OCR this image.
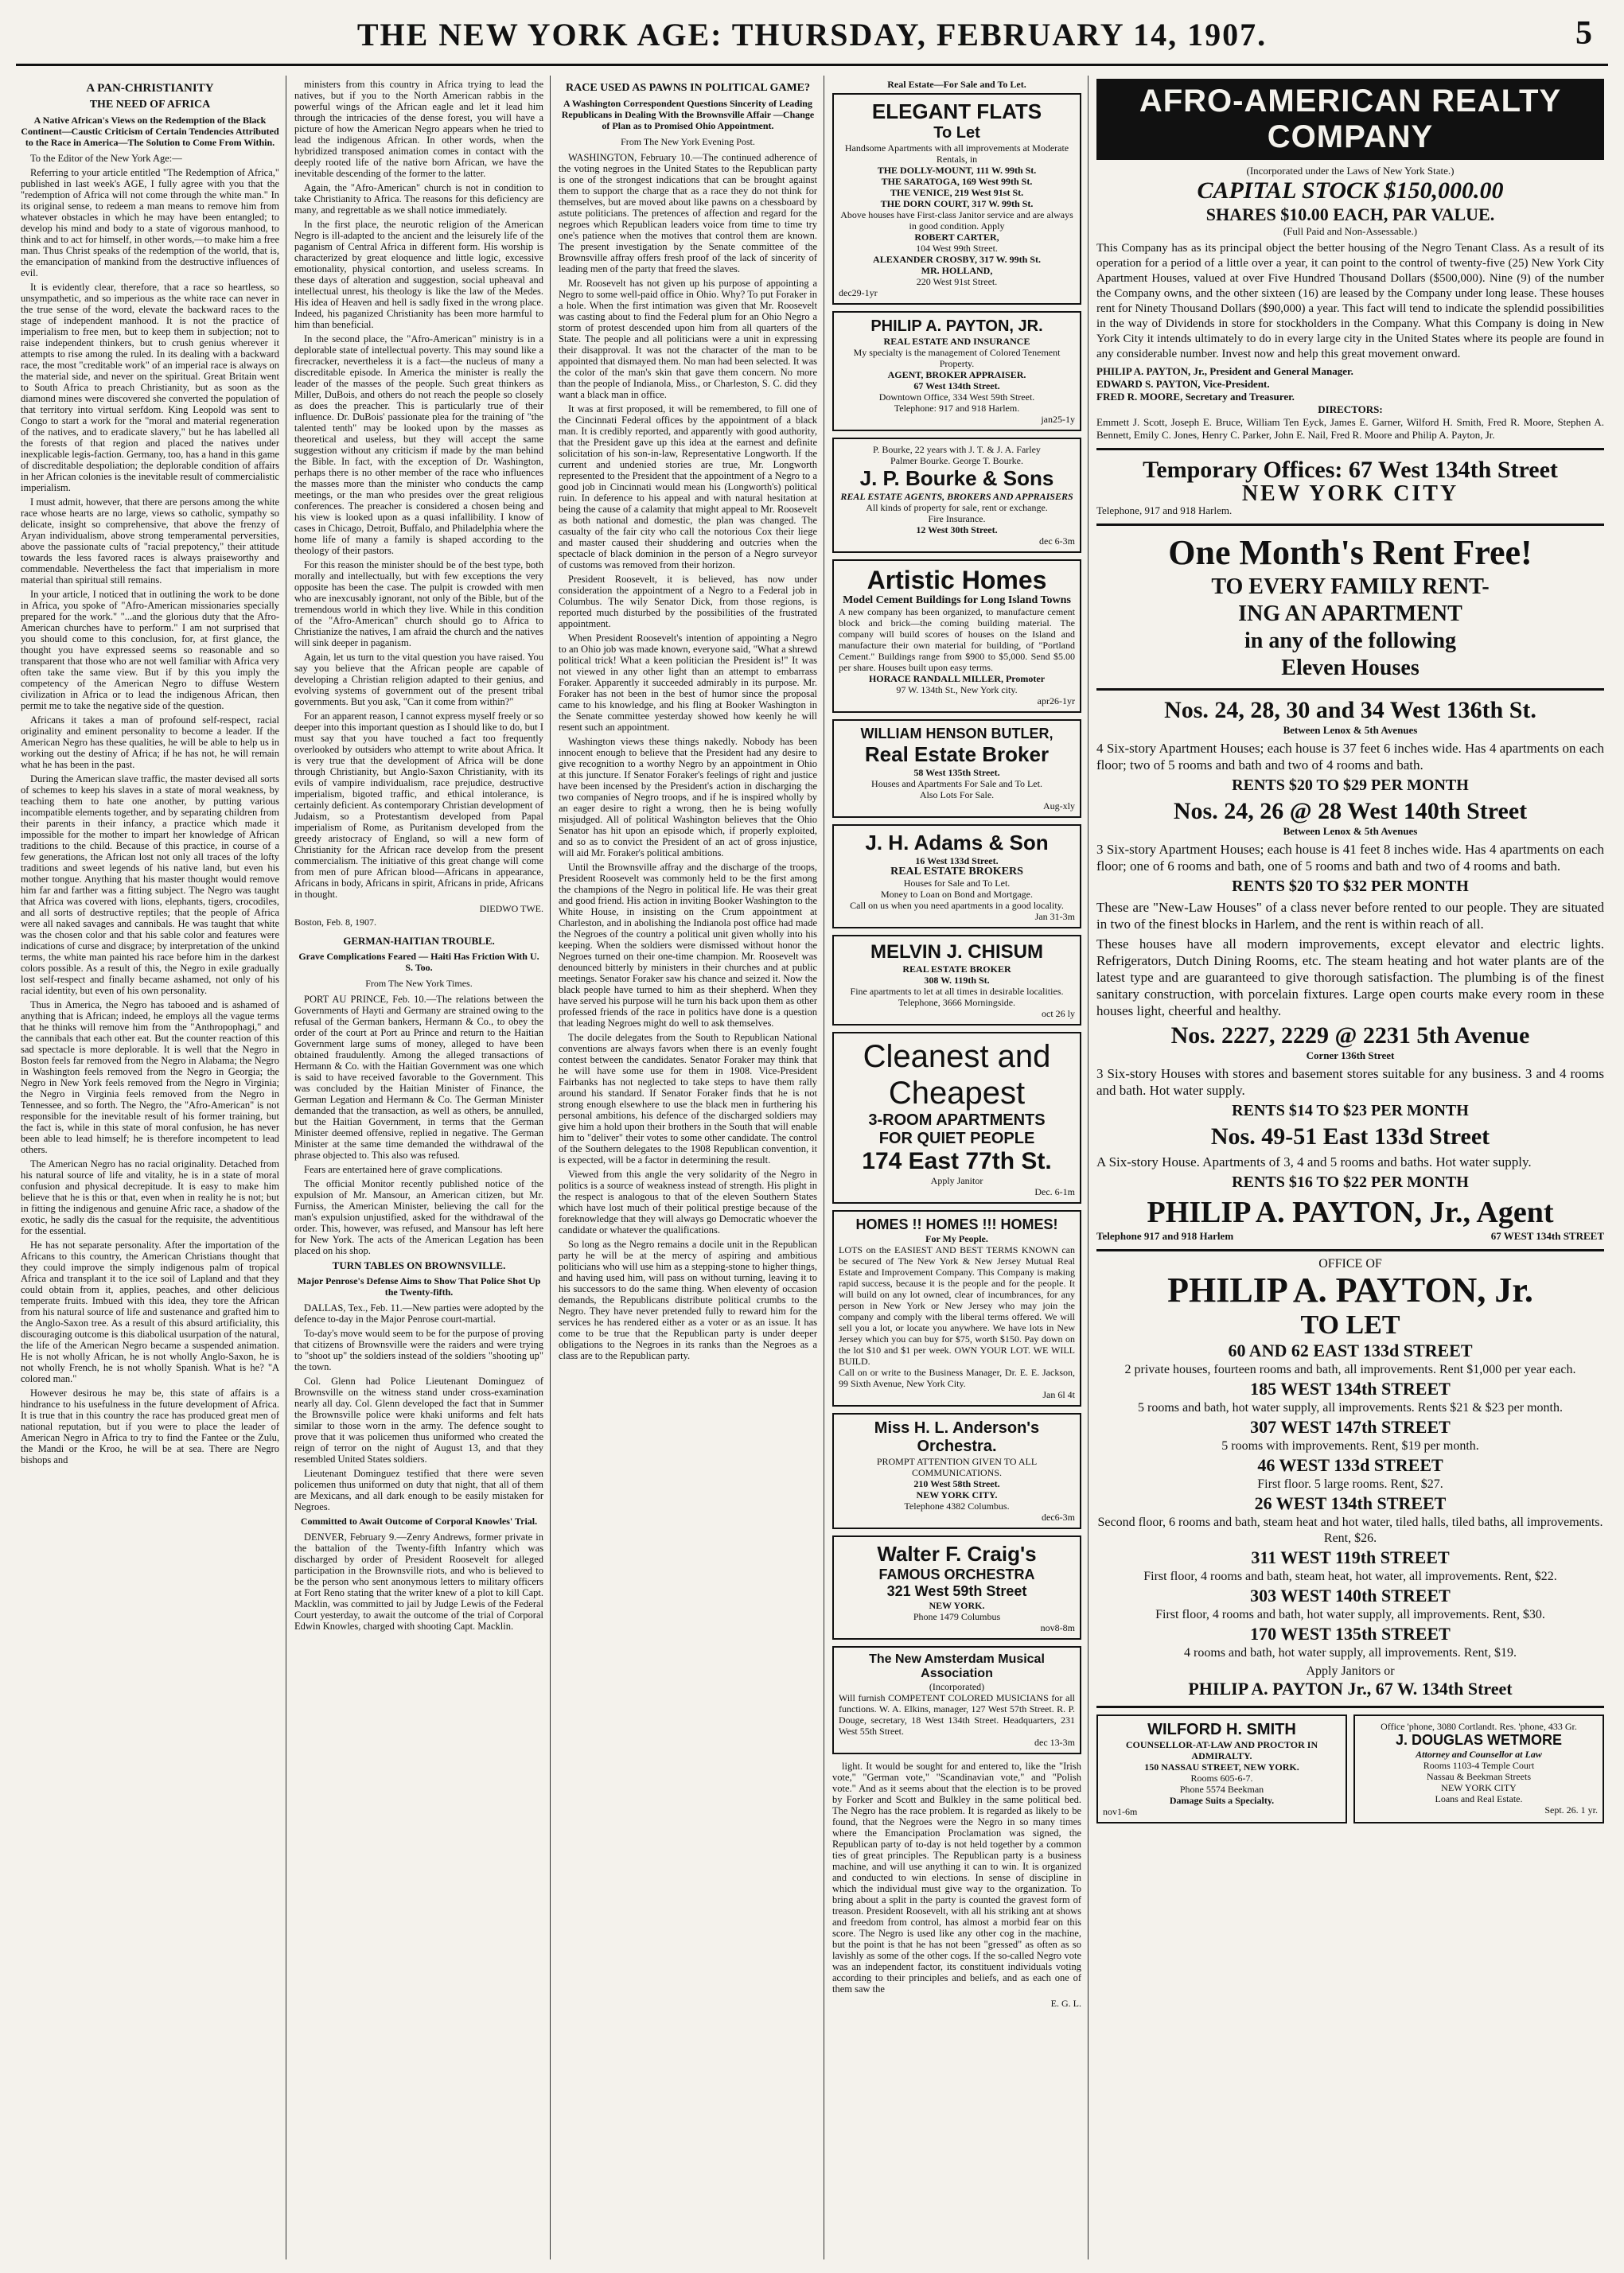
THE NEW YORK AGE: THURSDAY, FEBRUARY 14, 1907.	5
A PAN-CHRISTIANITY
THE NEED OF AFRICA
A Native African's Views on the Redemption of the Black Continent—Caustic Criticism of Certain Tendencies Attributed to the Race in America—The Solution to Come From Within.

To the Editor of the New York Age:—

Referring to your article entitled "The Redemption of Africa," published in last week's AGE, I fully agree with you that the "redemption of Africa will not come through the white man." In its original sense, to redeem a man means to remove him from whatever obstacles in which he may have been entangled; to develop his mind and body to a state of vigorous manhood, to think and to act for himself, in other words,—to make him a free man. Thus Christ speaks of the redemption of the world, that is, the emancipation of mankind from the destructive influences of evil.

It is evidently clear, therefore, that a race so heartless, so unsympathetic, and so imperious as the white race can never in the true sense of the word, elevate the backward races to the stage of independent manhood. It is not the practice of imperialism to free men, but to keep them in subjection; not to raise independent thinkers, but to crush genius wherever it attempts to rise among the ruled. In its dealing with a backward race, the most "creditable work" of an imperial race is always on the material side, and never on the spiritual. Great Britain went to South Africa to preach Christianity, but as soon as the diamond mines were discovered she converted the population of that territory into virtual serfdom. King Leopold was sent to Congo to start a work for the "moral and material regeneration of the natives, and to eradicate slavery," but he has labelled all the forests of that region and placed the natives under inexplicable legis-faction. Germany, too, has a hand in this game of discreditable despoliation; the deplorable condition of affairs in her African colonies is the inevitable result of commercialistic imperialism.

I must admit, however, that there are persons among the white race whose hearts are no large, views so catholic, sympathy so delicate, insight so comprehensive, that above the frenzy of Aryan individualism, above strong temperamental perversities, above the passionate cults of "racial prepotency," their attitude towards the less favored races is always praiseworthy and commendable. Nevertheless the fact that imperialism in more material than spiritual still remains.

In your article, I noticed that in outlining the work to be done in Africa, you spoke of "Afro-American missionaries specially prepared for the work." "...and the glorious duty that the Afro-American churches have to perform." I am not surprised that you should come to this conclusion, for, at first glance, the thought you have expressed seems so reasonable and so transparent that those who are not well familiar with Africa very often take the same view. But if by this you imply the competency of the American Negro to diffuse Western civilization in Africa or to lead the indigenous African, then permit me to take the negative side of the question.

Africans it takes a man of profound self-respect, racial originality and eminent personality to become a leader. If the American Negro has these qualities, he will be able to help us in working out the destiny of Africa; if he has not, he will remain what he has been in the past.

During the American slave traffic, the master devised all sorts of schemes to keep his slaves in a state of moral weakness, by teaching them to hate one another, by putting various incompatible elements together, and by separating children from their parents in their infancy, a practice which made it impossible for the mother to impart her knowledge of African traditions to the child. Because of this practice, in course of a few generations, the African lost not only all traces of the lofty traditions and sweet legends of his native land, but even his mother tongue. Anything that his master thought would remove him far and farther was a fitting subject. The Negro was taught that Africa was covered with lions, elephants, tigers, crocodiles, and all sorts of destructive reptiles; that the people of Africa were all naked savages and cannibals. He was taught that white was the chosen color and that his sable color and features were indications of curse and disgrace; by interpretation of the unkind terms, the white man painted his race before him in the darkest colors possible. As a result of this, the Negro in exile gradually lost self-respect and finally became ashamed, not only of his racial identity, but even of his own personality.

Thus in America, the Negro has tabooed and is ashamed of anything that is African; indeed, he employs all the vague terms that he thinks will remove him from the "Anthropophagi," and the cannibals that each other eat. But the counter reaction of this sad spectacle is more deplorable. It is well that the Negro in Boston feels far removed from the Negro in Alabama; the Negro in Washington feels removed from the Negro in Georgia; the Negro in New York feels removed from the Negro in Virginia; the Negro in Virginia feels removed from the Negro in Tennessee, and so forth. The Negro, the "Afro-American" is not responsible for the inevitable result of his former training, but the fact is, while in this state of moral confusion, he has never been able to lead himself; he is therefore incompetent to lead others.

The American Negro has no racial originality. Detached from his natural source of life and vitality, he is in a state of moral confusion and physical decrepitude. It is easy to make him believe that he is this or that, even when in reality he is not; but in fitting the indigenous and genuine Afric race, a shadow of the exotic, he sadly dis the casual for the requisite, the adventitious for the essential.

He has not separate personality. After the importation of the Africans to this country, the American Christians thought that they could improve the simply indigenous palm of tropical Africa and transplant it to the ice soil of Lapland and that they could obtain from it, applies, peaches, and other delicious temperate fruits. Imbued with this idea, they tore the African from his natural source of life and sustenance and grafted him to the Anglo-Saxon tree. As a result of this absurd artificiality, this discouraging outcome is this diabolical usurpation of the natural, the life of the American Negro became a suspended animation. He is not wholly African, he is not wholly Anglo-Saxon, he is not wholly French, he is not wholly Spanish. What is he? "A colored man."

However desirous he may be, this state of affairs is a hindrance to his usefulness in the future development of Africa. It is true that in this country the race has produced great men of national reputation, but if you were to place the leader of American Negro in Africa to try to find the Fantee or the Zulu, the Mandi or the Kroo, he will be at sea. There are Negro bishops and

ministers from this country in Africa trying to lead the natives, but if you to the North American rabbis in the powerful wings of the African eagle and let it lead him through the intricacies of the dense forest, you will have a picture of how the American Negro appears when he tried to lead the indigenous African. In other words, when the hybridized transposed animation comes in contact with the deeply rooted life of the native born African, we have the inevitable descending of the former to the latter.

Again, the "Afro-American" church is not in condition to take Christianity to Africa. The reasons for this deficiency are many, and regrettable as we shall notice immediately.

In the first place, the neurotic religion of the American Negro is ill-adapted to the ancient and the leisurely life of the paganism of Central Africa in different form. His worship is characterized by great eloquence and little logic, excessive emotionality, physical contortion, and useless screams. In these days of alteration and suggestion, social upheaval and intellectual unrest, his theology is like the law of the Medes. His idea of Heaven and hell is sadly fixed in the wrong place. Indeed, his paganized Christianity has been more harmful to him than beneficial.

In the second place, the "Afro-American" ministry is in a deplorable state of intellectual poverty. This may sound like a firecracker, nevertheless it is a fact—the nucleus of many a discreditable episode. In America the minister is really the leader of the masses of the people. Such great thinkers as Miller, DuBois, and others do not reach the people so closely as does the preacher. This is particularly true of their influence. Dr. DuBois' passionate plea for the training of "the talented tenth" may be looked upon by the masses as theoretical and useless, but they will accept the same suggestion without any criticism if made by the man behind the Bible. In fact, with the exception of Dr. Washington, perhaps there is no other member of the race who influences the masses more than the minister who conducts the camp meetings, or the man who presides over the great religious conferences. The preacher is considered a chosen being and his view is looked upon as a quasi infallibility. I know of cases in Chicago, Detroit, Buffalo, and Philadelphia where the home life of many a family is shaped according to the theology of their pastors.

For this reason the minister should be of the best type, both morally and intellectually, but with few exceptions the very opposite has been the case. The pulpit is crowded with men who are inexcusably ignorant, not only of the Bible, but of the tremendous world in which they live. While in this condition of the "Afro-American" church should go to Africa to Christianize the natives, I am afraid the church and the natives will sink deeper in paganism.

Again, let us turn to the vital question you have raised. You say you believe that the African people are capable of developing a Christian religion adapted to their genius, and evolving systems of government out of the present tribal governments. But you ask, "Can it come from within?"

For an apparent reason, I cannot express myself freely or so deeper into this important question as I should like to do, but I must say that you have touched a fact too frequently overlooked by outsiders who attempt to write about Africa. It is very true that the development of Africa will be done through Christianity, but Anglo-Saxon Christianity, with its evils of vampire individualism, race prejudice, destructive imperialism, bigoted traffic, and ethical intolerance, is certainly deficient. As contemporary Christian development of Judaism, so a Protestantism developed from Papal imperialism of Rome, as Puritanism developed from the greedy aristocracy of England, so will a new form of Christianity for the African race develop from the present commercialism. The initiative of this great change will come from men of pure African blood—Africans in appearance, Africans in body, Africans in spirit, Africans in pride, Africans in thought.

DIEDWO TWE.
Boston, Feb. 8, 1907.
GERMAN-HAITIAN TROUBLE.
Grave Complications Feared — Haiti Has Friction With U. S. Too.
From The New York Times.

PORT AU PRINCE, Feb. 10.—The relations between the Governments of Hayti and Germany are strained owing to the refusal of the German bankers, Hermann & Co., to obey the order of the court at Port au Prince and return to the Haitian Government large sums of money, alleged to have been obtained fraudulently. Among the alleged transactions of Hermann & Co. with the Haitian Government was one which is said to have received favorable to the Government. This was concluded by the Haitian Minister of Finance, the German Legation and Hermann & Co. The German Minister demanded that the transaction, as well as others, be annulled, but the Haitian Government, in terms that the German Minister deemed offensive, replied in negative. The German Minister at the same time demanded the withdrawal of the phrase objected to. This also was refused.

Fears are entertained here of grave complications.

The official Monitor recently published notice of the expulsion of Mr. Mansour, an American citizen, but Mr. Furniss, the American Minister, believing the call for the man's expulsion unjustified, asked for the withdrawal of the order. This, however, was refused, and Mansour has left here for New York. The acts of the American Legation has been placed on his shop.

TURN TABLES ON BROWNSVILLE.
Major Penrose's Defense Aims to Show That Police Shot Up the Twenty-fifth.

DALLAS, Tex., Feb. 11.—New parties were adopted by the defence to-day in the Major Penrose court-martial.

To-day's move would seem to be for the purpose of proving that citizens of Brownsville were the raiders and were trying to "shoot up" the soldiers instead of the soldiers "shooting up" the town.

Col. Glenn had Police Lieutenant Dominguez of Brownsville on the witness stand under cross-examination nearly all day. Col. Glenn developed the fact that in Summer the Brownsville police were khaki uniforms and felt hats similar to those worn in the army. The defence sought to prove that it was policemen thus uniformed who created the reign of terror on the night of August 13, and that they resembled United States soldiers.

Lieutenant Dominguez testified that there were seven policemen thus uniformed on duty that night, that all of them are Mexicans, and all dark enough to be easily mistaken for Negroes.

Committed to Await Outcome of Corporal Knowles' Trial.

DENVER, February 9.—Zenry Andrews, former private in the battalion of the Twenty-fifth Infantry which was discharged by order of President Roosevelt for alleged participation in the Brownsville riots, and who is believed to be the person who sent anonymous letters to military officers at Fort Reno stating that the writer knew of a plot to kill Capt. Macklin, was committed to jail by Judge Lewis of the Federal Court yesterday, to await the outcome of the trial of Corporal Edwin Knowles, charged with shooting Capt. Macklin.

RACE USED AS PAWNS IN POLITICAL GAME?
A Washington Correspondent Questions Sincerity of Leading Republicans in Dealing With the Brownsville Affair —Change of Plan as to Promised Ohio Appointment.
From The New York Evening Post.

WASHINGTON, February 10.—The continued adherence of the voting negroes in the United States to the Republican party is one of the strongest indications that can be brought against them to support the charge that as a race they do not think for themselves, but are moved about like pawns on a chessboard by astute politicians. The pretences of affection and regard for the negroes which Republican leaders voice from time to time try one's patience when the motives that control them are known. The present investigation by the Senate committee of the Brownsville affray offers fresh proof of the lack of sincerity of leading men of the party that freed the slaves.

Mr. Roosevelt has not given up his purpose of appointing a Negro to some well-paid office in Ohio. Why? To put Foraker in a hole. When the first intimation was given that Mr. Roosevelt was casting about to find the Federal plum for an Ohio Negro a storm of protest descended upon him from all quarters of the State. The people and all politicians were a unit in expressing their disapproval. It was not the character of the man to be appointed that dismayed them. No man had been selected. It was the color of the man's skin that gave them concern. No more than the people of Indianola, Miss., or Charleston, S. C. did they want a black man in office.

It was at first proposed, it will be remembered, to fill one of the Cincinnati Federal offices by the appointment of a black man. It is credibly reported, and apparently with good authority, that the President gave up this idea at the earnest and definite solicitation of his son-in-law, Representative Longworth. If the current and undenied stories are true, Mr. Longworth represented to the President that the appointment of a Negro to a good job in Cincinnati would mean his (Longworth's) political ruin. In deference to his appeal and with natural hesitation at being the cause of a calamity that might appeal to Mr. Roosevelt as both national and domestic, the plan was changed. The casualty of the fair city who call the notorious Cox their liege and master caused their shuddering and outcries when the spectacle of black dominion in the person of a Negro surveyor of customs was removed from their horizon.

President Roosevelt, it is believed, has now under consideration the appointment of a Negro to a Federal job in Columbus. The wily Senator Dick, from those regions, is reported much disturbed by the possibilities of the frustrated appointment.

When President Roosevelt's intention of appointing a Negro to an Ohio job was made known, everyone said, "What a shrewd political trick! What a keen politician the President is!" It was not viewed in any other light than an attempt to embarrass Foraker. Apparently it succeeded admirably in its purpose. Mr. Foraker has not been in the best of humor since the proposal came to his knowledge, and his fling at Booker Washington in the Senate committee yesterday showed how keenly he will resent such an appointment.

Washington views these things nakedly. Nobody has been innocent enough to believe that the President had any desire to give recognition to a worthy Negro by an appointment in Ohio at this juncture. If Senator Foraker's feelings of right and justice have been incensed by the President's action in discharging the two companies of Negro troops, and if he is inspired wholly by an eager desire to right a wrong, then he is being wofully misjudged. All of political Washington believes that the Ohio Senator has hit upon an episode which, if properly exploited, and so as to convict the President of an act of gross injustice, will aid Mr. Foraker's political ambitions.

Until the Brownsville affray and the discharge of the troops, President Roosevelt was commonly held to be the first among the champions of the Negro in political life. He was their great and good friend. His action in inviting Booker Washington to the White House, in insisting on the Crum appointment at Charleston, and in abolishing the Indianola post office had made the Negroes of the country a political unit given wholly into his keeping. When the soldiers were dismissed without honor the Negroes turned on their one-time champion. Mr. Roosevelt was denounced bitterly by ministers in their churches and at public meetings. Senator Foraker saw his chance and seized it. Now the black people have turned to him as their shepherd. When they have served his purpose will he turn his back upon them as other professed friends of the race in politics have done is a question that leading Negroes might do well to ask themselves.

The docile delegates from the South to Republican National conventions are always favors when there is an evenly fought contest between the candidates. Senator Foraker may think that he will have some use for them in 1908. Vice-President Fairbanks has not neglected to take steps to have them rally around his standard. If Senator Foraker finds that he is not strong enough elsewhere to use the black men in furthering his personal ambitions, his defence of the discharged soldiers may give him a hold upon their brothers in the South that will enable him to "deliver" their votes to some other candidate. The control of the Southern delegates to the 1908 Republican convention, it is expected, will be a factor in determining the result.

Viewed from this angle the very solidarity of the Negro in politics is a source of weakness instead of strength. His plight in the respect is analogous to that of the eleven Southern States which have lost much of their political prestige because of the foreknowledge that they will always go Democratic whoever the candidate or whatever the qualifications.

So long as the Negro remains a docile unit in the Republican party he will be at the mercy of aspiring and ambitious politicians who will use him as a stepping-stone to higher things, and having used him, will pass on without turning, leaving it to his successors to do the same thing. When eleventy of occasion demands, the Republicans distribute political crumbs to the Negro. They have never pretended fully to reward him for the services he has rendered either as a voter or as an issue. It has come to be true that the Republican party is under deeper obligations to the Negroes in its ranks than the Negroes as a class are to the Republican party.

Real Estate—For Sale and To Let.
ELEGANT FLATS
To Let
Handsome Apartments with all improvements at Moderate Rentals, in
THE DOLLY-MOUNT, 111 W. 99th St.
THE SARATOGA, 169 West 99th St.
THE VENICE, 219 West 91st St.
THE DORN COURT, 317 W. 99th St.
Above houses have First-class Janitor service and are always in good condition. Apply
ROBERT CARTER,
104 West 99th Street.
ALEXANDER CROSBY, 317 W. 99th St.
MR. HOLLAND,
220 West 91st Street.
dec29-1yr
PHILIP A. PAYTON, JR.
REAL ESTATE AND INSURANCE
My specialty is the management of Colored Tenement Property.
AGENT, BROKER APPRAISER.
67 West 134th Street.
Downtown Office, 334 West 59th Street.
Telephone: 917 and 918 Harlem.
jan25-1y
P. Bourke, 22 years with J. T. & J. A. Farley
Palmer Bourke. George T. Bourke.
J. P. Bourke & Sons
REAL ESTATE AGENTS, BROKERS AND APPRAISERS
All kinds of property for sale, rent or exchange.
Fire Insurance.
12 West 30th Street.
dec 6-3m
Artistic Homes
Model Cement Buildings for Long Island Towns
A new company has been organized, to manufacture cement block and brick—the coming building material. The company will build scores of houses on the Island and manufacture their own material for building, of "Portland Cement." Buildings range from $900 to $5,000. Send $5.00 per share. Houses built upon easy terms.
HORACE RANDALL MILLER, Promoter
97 W. 134th St., New York city.
apr26-1yr
WILLIAM HENSON BUTLER,
Real Estate Broker
58 West 135th Street.
Houses and Apartments For Sale and To Let.
Also Lots For Sale.
Aug-xly
J. H. Adams & Son
16 West 133d Street.
REAL ESTATE BROKERS
Houses for Sale and To Let.
Money to Loan on Bond and Mortgage.
Call on us when you need apartments in a good locality.
Jan 31-3m
MELVIN J. CHISUM
REAL ESTATE BROKER
308 W. 119th St.
Fine apartments to let at all times in desirable localities.
Telephone, 3666 Morningside.
oct 26 ly
Cleanest and
Cheapest
3-ROOM APARTMENTS
FOR QUIET PEOPLE
174 East 77th St.
Apply Janitor
Dec. 6-1m
HOMES !! HOMES !!! HOMES!
For My People.
LOTS on the EASIEST AND BEST TERMS KNOWN can be secured of The New York & New Jersey Mutual Real Estate and Improvement Company. This Company is making rapid success, because it is the people and for the people. It will build on any lot owned, clear of incumbrances, for any person in New York or New Jersey who may join the company and comply with the liberal terms offered. We will sell you a lot, or locate you anywhere. We have lots in New Jersey which you can buy for $75, worth $150. Pay down on the lot $10 and $1 per week. OWN YOUR LOT. WE WILL BUILD.
Call on or write to the Business Manager, Dr. E. E. Jackson, 99 Sixth Avenue, New York City.
Jan 6l 4t
Miss H. L. Anderson's Orchestra.
PROMPT ATTENTION GIVEN TO ALL COMMUNICATIONS.
210 West 58th Street.
NEW YORK CITY.
Telephone 4382 Columbus.
dec6-3m
Walter F. Craig's
FAMOUS ORCHESTRA
321 West 59th Street
NEW YORK.
Phone 1479 Columbus
nov8-8m
The New Amsterdam Musical Association
(Incorporated)
Will furnish COMPETENT COLORED MUSICIANS for all functions. W. A. Elkins, manager, 127 West 57th Street. R. P. Douge, secretary, 18 West 134th Street. Headquarters, 231 West 55th Street.
dec 13-3m

light. It would be sought for and entered to, like the "Irish vote," "German vote," "Scandinavian vote," and "Polish vote." And as it seems about that the election is to be proved by Forker and Scott and Bulkley in the same political bed. The Negro has the race problem. It is regarded as likely to be found, that the Negroes were the Negro in so many times where the Emancipation Proclamation was signed, the Republican party of to-day is not held together by a common ties of great principles. The Republican party is a business machine, and will use anything it can to win. It is organized and conducted to win elections. In sense of discipline in which the individual must give way to the organization. To bring about a split in the party is counted the gravest form of treason. President Roosevelt, with all his striking ant at shows and freedom from control, has almost a morbid fear on this score. The Negro is used like any other cog in the machine, but the point is that he has not been "gressed" as often as so lavishly as some of the other cogs. If the so-called Negro vote was an independent factor, its constituent individuals voting according to their principles and beliefs, and as each one of them saw the

E. G. L.
AFRO-AMERICAN REALTY COMPANY
(Incorporated under the Laws of New York State.)
CAPITAL STOCK $150,000.00
SHARES $10.00 EACH, PAR VALUE.
(Full Paid and Non-Assessable.)
This Company has as its principal object the better housing of the Negro Tenant Class. As a result of its operation for a period of a little over a year, it can point to the control of twenty-five (25) New York City Apartment Houses, valued at over Five Hundred Thousand Dollars ($500,000). Nine (9) of the number the Company owns, and the other sixteen (16) are leased by the Company under long lease. These houses rent for Ninety Thousand Dollars ($90,000) a year. This fact will tend to indicate the splendid possibilities in the way of Dividends in store for stockholders in the Company. What this Company is doing in New York City it intends ultimately to do in every large city in the United States where its people are found in any considerable number. Invest now and help this great movement onward.
PHILIP A. PAYTON, Jr., President and General Manager.
EDWARD S. PAYTON, Vice-President.
FRED R. MOORE, Secretary and Treasurer.
DIRECTORS:
Emmett J. Scott, Joseph E. Bruce, William Ten Eyck, James E. Garner, Wilford H. Smith, Fred R. Moore, Stephen A. Bennett, Emily C. Jones, Henry C. Parker, John E. Nail, Fred R. Moore and Philip A. Payton, Jr.
Temporary Offices: 67 West 134th Street
NEW YORK CITY
Telephone, 917 and 918 Harlem.
One Month's Rent Free!
TO EVERY FAMILY RENT-
ING AN APARTMENT
in any of the following
Eleven Houses
Nos. 24, 28, 30 and 34 West 136th St.
Between Lenox & 5th Avenues
4 Six-story Apartment Houses; each house is 37 feet 6 inches wide. Has 4 apartments on each floor; two of 5 rooms and bath and two of 4 rooms and bath.
RENTS $20 TO $29 PER MONTH
Nos. 24, 26 @ 28 West 140th Street
Between Lenox & 5th Avenues
3 Six-story Apartment Houses; each house is 41 feet 8 inches wide. Has 4 apartments on each floor; one of 6 rooms and bath, one of 5 rooms and bath and two of 4 rooms and bath.
RENTS $20 TO $32 PER MONTH
These are "New-Law Houses" of a class never before rented to our people. They are situated in two of the finest blocks in Harlem, and the rent is within reach of all.
These houses have all modern improvements, except elevator and electric lights. Refrigerators, Dutch Dining Rooms, etc. The steam heating and hot water plants are of the latest type and are guaranteed to give thorough satisfaction. The plumbing is of the finest sanitary construction, with porcelain fixtures. Large open courts make every room in these houses light, cheerful and healthy.
Nos. 2227, 2229 @ 2231 5th Avenue
Corner 136th Street
3 Six-story Houses with stores and basement stores suitable for any business. 3 and 4 rooms and bath. Hot water supply.
RENTS $14 TO $23 PER MONTH
Nos. 49-51 East 133d Street
A Six-story House. Apartments of 3, 4 and 5 rooms and baths. Hot water supply.
RENTS $16 TO $22 PER MONTH
PHILIP A. PAYTON, Jr., Agent
Telephone 917 and 918 Harlem	67 WEST 134th STREET
OFFICE OF
PHILIP A. PAYTON, Jr.
TO LET
60 AND 62 EAST 133d STREET
2 private houses, fourteen rooms and bath, all improvements. Rent $1,000 per year each.
185 WEST 134th STREET
5 rooms and bath, hot water supply, all improvements. Rents $21 & $23 per month.
307 WEST 147th STREET
5 rooms with improvements. Rent, $19 per month.
46 WEST 133d STREET
First floor. 5 large rooms. Rent, $27.
26 WEST 134th STREET
Second floor, 6 rooms and bath, steam heat and hot water, tiled halls, tiled baths, all improvements. Rent, $26.
311 WEST 119th STREET
First floor, 4 rooms and bath, steam heat, hot water, all improvements. Rent, $22.
303 WEST 140th STREET
First floor, 4 rooms and bath, hot water supply, all improvements. Rent, $30.
170 WEST 135th STREET
4 rooms and bath, hot water supply, all improvements. Rent, $19.
Apply Janitors or
PHILIP A. PAYTON Jr., 67 W. 134th Street
WILFORD H. SMITH
COUNSELLOR-AT-LAW AND PROCTOR IN ADMIRALTY.
150 NASSAU STREET, NEW YORK.
Rooms 605-6-7.
Phone 5574 Beekman
Damage Suits a Specialty.
nov1-6m
Office 'phone, 3080 Cortlandt. Res. 'phone, 433 Gr.
J. DOUGLAS WETMORE
Attorney and Counsellor at Law
Rooms 1103-4 Temple Court
Nassau & Beekman Streets
NEW YORK CITY
Loans and Real Estate.
Sept. 26. 1 yr.
